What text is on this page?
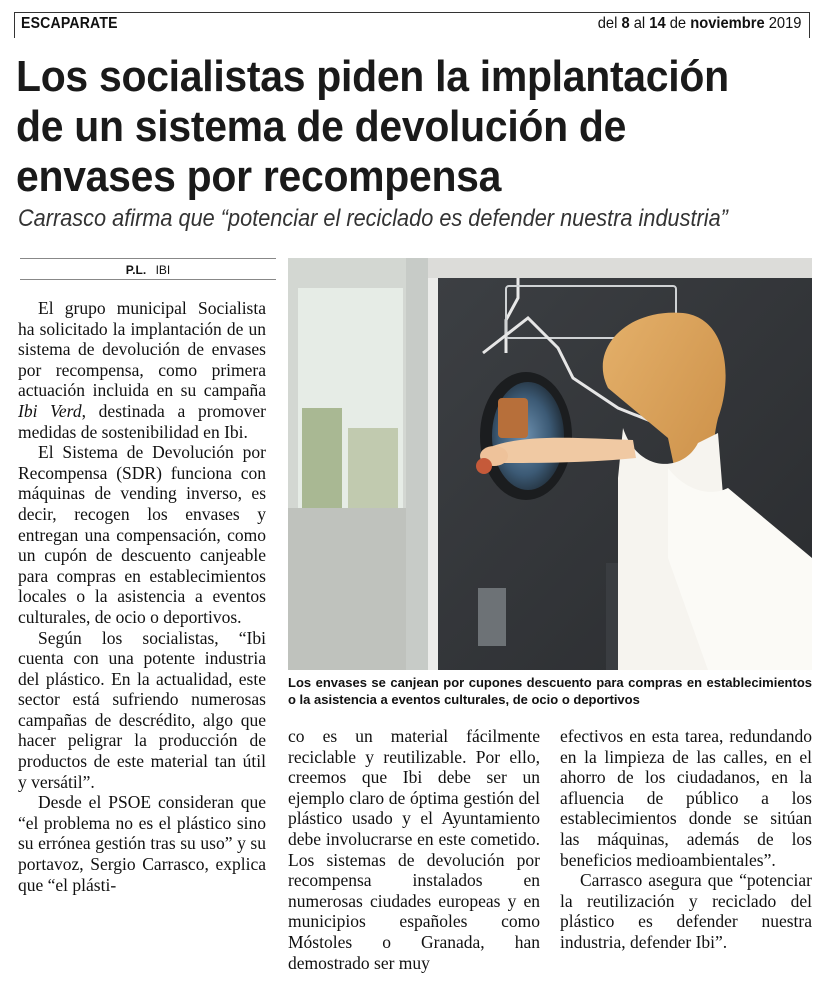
ESCAPARATE	del 8 al 14 de noviembre 2019
Los socialistas piden la implantación de un sistema de devolución de envases por recompensa
Carrasco afirma que “potenciar el reciclado es defender nuestra industria”
P.L. IBI

El grupo municipal Socialista ha solicitado la implantación de un sistema de devolución de envases por recompensa, como primera actuación incluida en su campaña Ibi Verd, destinada a promover medidas de sostenibilidad en Ibi.

El Sistema de Devolución por Recompensa (SDR) funciona con máquinas de vending inverso, es decir, recogen los envases y entregan una compensación, como un cupón de descuento canjeable para compras en establecimientos locales o la asistencia a eventos culturales, de ocio o deportivos.

Según los socialistas, “Ibi cuenta con una potente industria del plástico. En la actualidad, este sector está sufriendo numerosas campañas de descrédito, algo que hacer peligrar la producción de productos de este material tan útil y versátil”.

Desde el PSOE consideran que “el problema no es el plástico sino su errónea gestión tras su uso” y su portavoz, Sergio Carrasco, explica que “el plásti-

Los envases se canjean por cupones descuento para compras en establecimientos o la asistencia a eventos culturales, de ocio o deportivos

co es un material fácilmente reciclable y reutilizable. Por ello, creemos que Ibi debe ser un ejemplo claro de óptima gestión del plástico usado y el Ayuntamiento debe involucrarse en este cometido. Los sistemas de devolución por recompensa instalados en numerosas ciudades europeas y en municipios españoles como Móstoles o Granada, han demostrado ser muy

efectivos en esta tarea, redundando en la limpieza de las calles, en el ahorro de los ciudadanos, en la afluencia de público a los establecimientos donde se sitúan las máquinas, además de los beneficios medioambientales”.

Carrasco asegura que “potenciar la reutilización y reciclado del plástico es defender nuestra industria, defender Ibi”.
